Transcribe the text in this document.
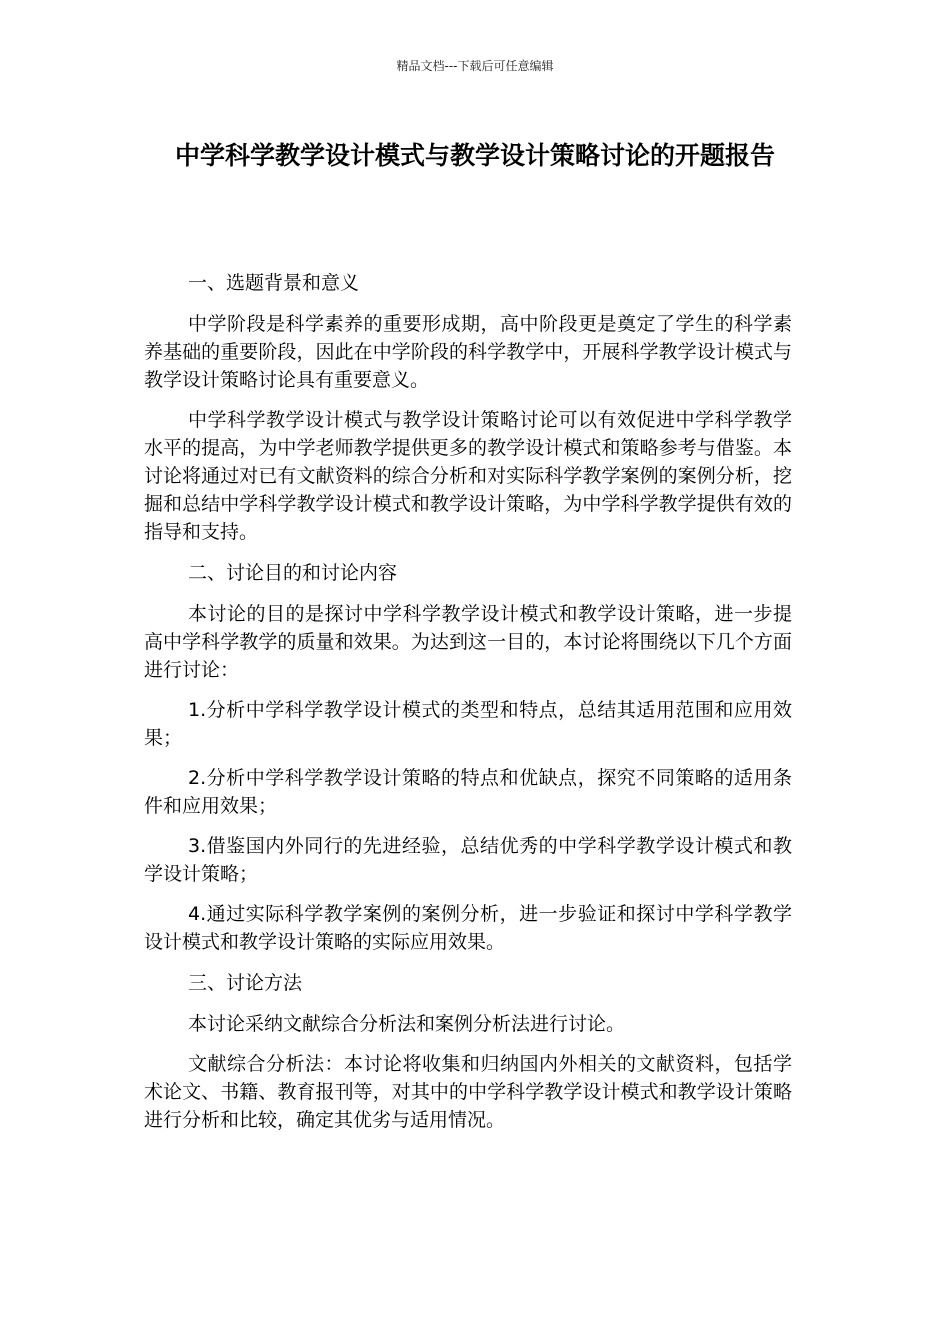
精品文档---下载后可任意编辑
中学科学教学设计模式与教学设计策略讨论的开题报告
一、选题背景和意义

中学阶段是科学素养的重要形成期，高中阶段更是奠定了学生的科学素养基础的重要阶段，因此在中学阶段的科学教学中，开展科学教学设计模式与教学设计策略讨论具有重要意义。

中学科学教学设计模式与教学设计策略讨论可以有效促进中学科学教学水平的提高，为中学老师教学提供更多的教学设计模式和策略参考与借鉴。本讨论将通过对已有文献资料的综合分析和对实际科学教学案例的案例分析，挖掘和总结中学科学教学设计模式和教学设计策略，为中学科学教学提供有效的指导和支持。

二、讨论目的和讨论内容

本讨论的目的是探讨中学科学教学设计模式和教学设计策略，进一步提高中学科学教学的质量和效果。为达到这一目的，本讨论将围绕以下几个方面进行讨论：

1.分析中学科学教学设计模式的类型和特点，总结其适用范围和应用效果；

2.分析中学科学教学设计策略的特点和优缺点，探究不同策略的适用条件和应用效果；

3.借鉴国内外同行的先进经验，总结优秀的中学科学教学设计模式和教学设计策略；

4.通过实际科学教学案例的案例分析，进一步验证和探讨中学科学教学设计模式和教学设计策略的实际应用效果。

三、讨论方法

本讨论采纳文献综合分析法和案例分析法进行讨论。

文献综合分析法：本讨论将收集和归纳国内外相关的文献资料，包括学术论文、书籍、教育报刊等，对其中的中学科学教学设计模式和教学设计策略进行分析和比较，确定其优劣与适用情况。
